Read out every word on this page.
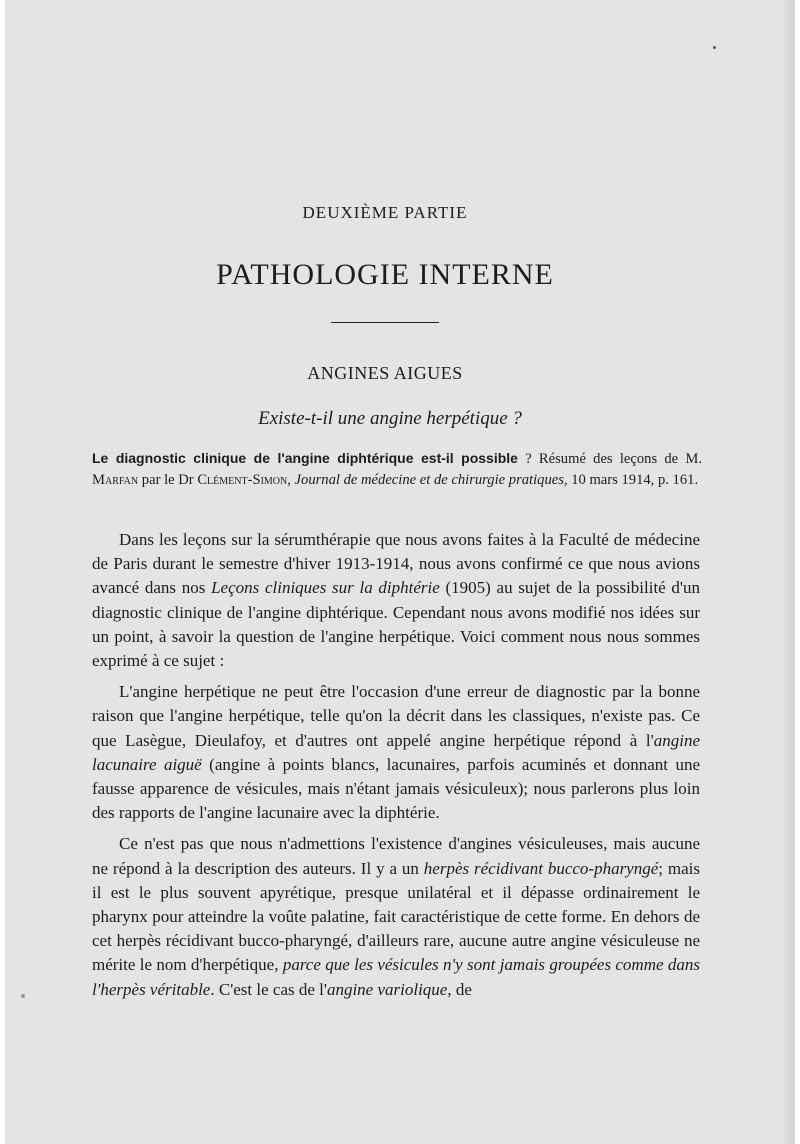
DEUXIÈME PARTIE
PATHOLOGIE INTERNE
ANGINES AIGUES
Existe-t-il une angine herpétique ?
Le diagnostic clinique de l'angine diphtérique est-il possible ? Résumé des leçons de M. Marfan par le Dr Clément-Simon, Journal de médecine et de chirurgie pratiques, 10 mars 1914, p. 161.

Dans les leçons sur la sérumthérapie que nous avons faites à la Faculté de médecine de Paris durant le semestre d'hiver 1913-1914, nous avons confirmé ce que nous avions avancé dans nos Leçons cliniques sur la diphtérie (1905) au sujet de la possibilité d'un diagnostic clinique de l'angine diphtérique. Cependant nous avons modifié nos idées sur un point, à savoir la question de l'angine herpétique. Voici comment nous nous sommes exprimé à ce sujet :

L'angine herpétique ne peut être l'occasion d'une erreur de diagnostic par la bonne raison que l'angine herpétique, telle qu'on la décrit dans les classiques, n'existe pas. Ce que Lasègue, Dieulafoy, et d'autres ont appelé angine herpétique répond à l'angine lacunaire aiguë (angine à points blancs, lacunaires, parfois acuminés et donnant une fausse apparence de vésicules, mais n'étant jamais vésiculeux); nous parlerons plus loin des rapports de l'angine lacunaire avec la diphtérie.

Ce n'est pas que nous n'admettions l'existence d'angines vésiculeuses, mais aucune ne répond à la description des auteurs. Il y a un herpès récidivant bucco-pharyngé; mais il est le plus souvent apyrétique, presque unilatéral et il dépasse ordinairement le pharynx pour atteindre la voûte palatine, fait caractéristique de cette forme. En dehors de cet herpès récidivant bucco-pharyngé, d'ailleurs rare, aucune autre angine vésiculeuse ne mérite le nom d'herpétique, parce que les vésicules n'y sont jamais groupées comme dans l'herpès véritable. C'est le cas de l'angine variolique, de
